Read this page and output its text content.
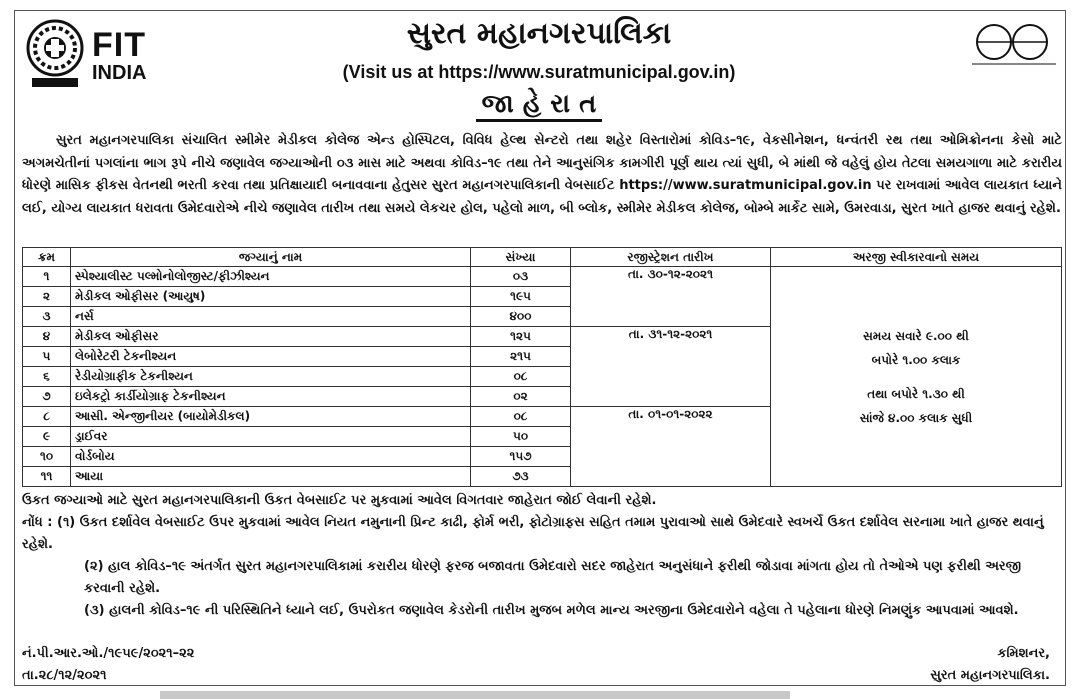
FIT
INDIA
સુરત મહાનગરપાલિકા
(Visit us at https://www.suratmunicipal.gov.in)
જા હે રા ત
સુરત મહાનગરપાલિકા સંચાલિત સ્મીમેર મેડીકલ કોલેજ એન્ડ હોસ્પિટલ, વિવિધ હેલ્થ સેન્ટરો તથા શહેર વિસ્તારોમાં કોવિડ–૧૯, વેકસીનેશન, ધન્વંતરી રથ તથા ઓમિક્રોનના કેસો માટે અગમચેતીનાં પગલાંના ભાગ રૂપે નીચે જણાવેલ જગ્યાઓની ૦૩ માસ માટે અથવા કોવિડ–૧૯ તથા તેને આનુસંગિક કામગીરી પૂર્ણ થાય ત્યાં સુધી, બે માંથી જે વહેલું હોય તેટલા સમયગાળા માટે કરારીય ધોરણે માસિક ફીકસ વેતનથી ભરતી કરવા તથા પ્રતિક્ષાયાદી બનાવવાના હેતુસર સુરત મહાનગરપાલિકાની વેબસાઈટ https://www.suratmunicipal.gov.in પર રાખવામાં આવેલ લાયકાત ધ્યાને લઈ, યોગ્ય લાયકાત ધરાવતા ઉમેદવારોએ નીચે જણાવેલ તારીખ તથા સમયે લેકચર હોલ, પહેલો માળ, બી બ્લોક, સ્મીમેર મેડીકલ કોલેજ, બોમ્બે માર્કેટ સામે, ઉમરવાડા, સુરત ખાતે હાજર થવાનું રહેશે.
ક્રમ	જગ્યાનું નામ	સંખ્યા	રજીસ્ટ્રેશન તારીખ	અરજી સ્વીકારવાનો સમય
૧	સ્પેશ્યાલીસ્ટ પલ્મોનોલોજીસ્ટ/ફીઝીશ્યન	૦૩	તા. ૩૦-૧૨-૨૦૨૧	સમય સવારે ૯.૦૦ થી
બપોરે ૧.૦૦ કલાક
તથા બપોરે ૧.૩૦ થી
સાંજે ૪.૦૦ કલાક સુધી

૨	મેડીકલ ઓફીસર (આયુષ)	૧૯૫		
૩	નર્સ	૪૦૦		
૪	મેડીકલ ઓફીસર	૧૨૫	તા. ૩૧-૧૨-૨૦૨૧	
૫	લેબોરેટરી ટેકનીશ્યન	૨૧૫		
૬	રેડીયોગ્રાફીક ટેકનીશ્યન	૦૮		
૭	ઇલેકટ્રો કાર્ડીયોગ્રાફ ટેકનીશ્યન	૦૨		
૮	આસી. એન્જીનીયર (બાયોમેડીકલ)	૦૮	તા. ૦૧-૦૧-૨૦૨૨	
૯	ડ્રાઈવર	૫૦		
૧૦	વોર્ડબોય	૧૫૭		
૧૧	આયા	૭૩		

ઉકત જગ્યાઓ માટે સુરત મહાનગરપાલિકાની ઉકત વેબસાઈટ પર મુકવામાં આવેલ વિગતવાર જાહેરાત જોઈ લેવાની રહેશે.

નોંધ : (૧) ઉકત દર્શાવેલ વેબસાઈટ ઉપર મુકવામાં આવેલ નિયત નમુનાની પ્રિન્ટ કાઢી, ફોર્મ ભરી, ફોટોગ્રાફસ સહિત તમામ પુરાવાઓ સાથે ઉમેદવારે સ્વખર્ચે ઉકત દર્શાવેલ સરનામા ખાતે હાજર થવાનું રહેશે.

(૨) હાલ કોવિડ–૧૯ અંતર્ગત સુરત મહાનગરપાલિકામાં કરારીય ધોરણે ફરજ બજાવતા ઉમેદવારો સદર જાહેરાત અનુસંધાને ફરીથી જોડાવા માંગતા હોય તો તેઓએ પણ ફરીથી અરજી કરવાની રહેશે.

(૩) હાલની કોવિડ–૧૯ ની પરિસ્થિતિને ધ્યાને લઈ, ઉપરોકત જણાવેલ કેડરોની તારીખ મુજબ મળેલ માન્ય અરજીના ઉમેદવારોને વહેલા તે પહેલાના ધોરણે નિમણુંક આપવામાં આવશે.

નં.પી.આર.ઓ./૧૯૫૯/૨૦૨૧–૨૨
તા.૨૮/૧૨/૨૦૨૧
કમિશનર,
સુરત મહાનગરપાલિકા.
